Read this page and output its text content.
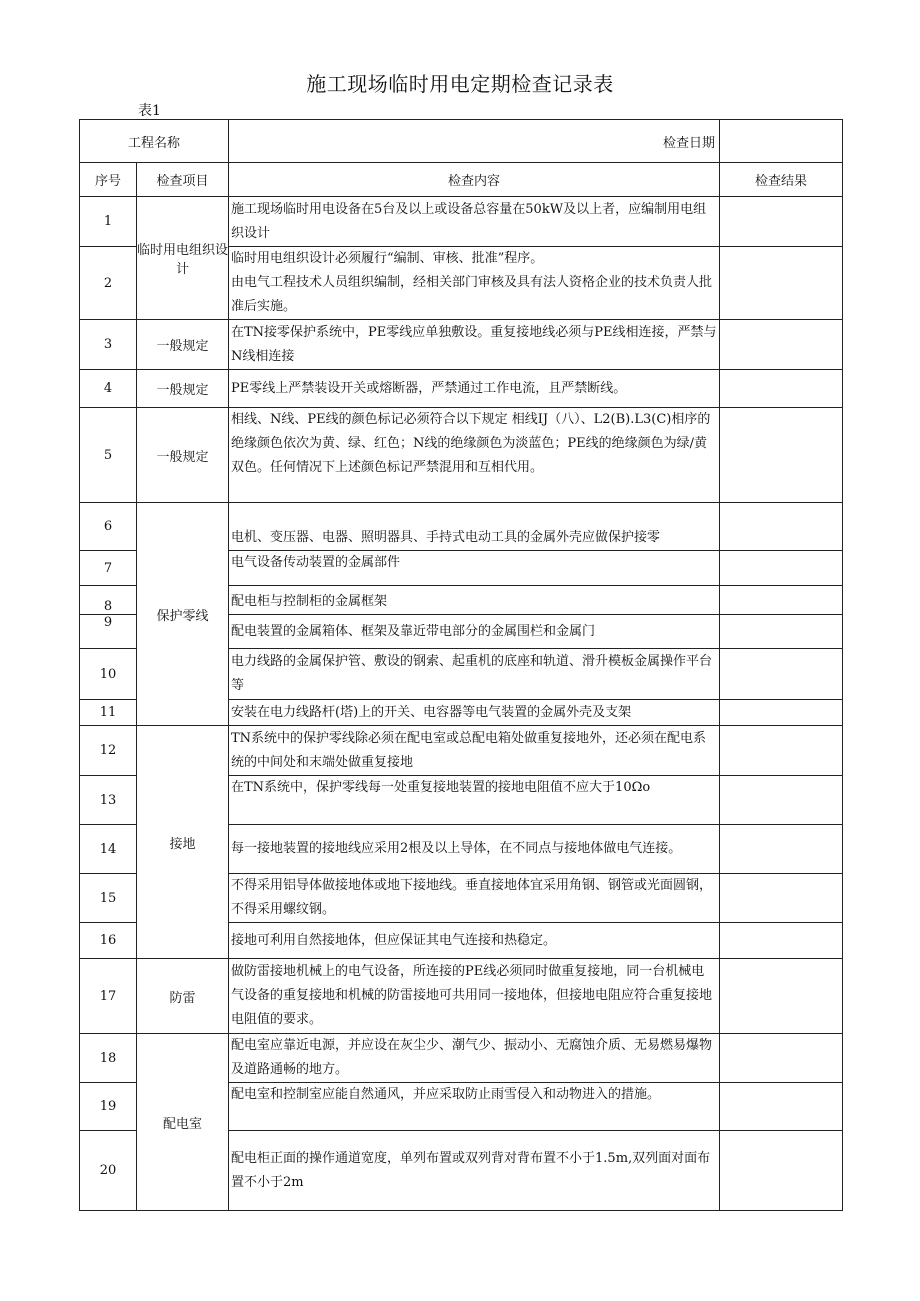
施工现场临时用电定期检查记录表
表1
工程名称		检查日期	
序号	检查项目	检查内容	检查结果
1	临时用电组织设计	施工现场临时用电设备在5台及以上或设备总容量在50kW及以上者，应编制用电组织设计	
2		临时用电组织设计必须履行“编制、审核、批准”程序。
由电气工程技术人员组织编制，经相关部门审核及具有法人资格企业的技术负责人批准后实施。	

3	一般规定	在TN接零保护系统中，PE零线应单独敷设。重复接地线必须与PE线相连接，严禁与N线相连接	
4	一般规定	PE零线上严禁装设开关或熔断器，严禁通过工作电流，且严禁断线。	
5	一般规定	相线、N线、PE线的颜色标记必须符合以下规定 相线IJ（八）、L2(B).L3(C)相序的绝缘颜色依次为黄、绿、红色；N线的绝缘颜色为淡蓝色；PE线的绝缘颜色为绿/黄双色。任何情况下上述颜色标记严禁混用和互相代用。	
6	保护零线	电机、变压器、电器、照明器具、手持式电动工具的金属外壳应做保护接零	
7		电气设备传动装置的金属部件	
8		配电柜与控制柜的金属框架	
9		配电装置的金属箱体、框架及靠近带电部分的金属围栏和金属门	
10		电力线路的金属保护管、敷设的钢索、起重机的底座和轨道、滑升模板金属操作平台等	
11		安装在电力线路杆(塔)上的开关、电容器等电气装置的金属外壳及支架	
12	接地	TN系统中的保护零线除必须在配电室或总配电箱处做重复接地外，还必须在配电系统的中间处和末端处做重复接地	
13		在TN系统中，保护零线每一处重复接地装置的接地电阻值不应大于10Ωo	
14		每一接地装置的接地线应采用2根及以上导体，在不同点与接地体做电气连接。	
15		不得采用铝导体做接地体或地下接地线。垂直接地体宜采用角钢、钢管或光面圆钢，不得采用螺纹钢。	
16		接地可利用自然接地体，但应保证其电气连接和热稳定。	
17	防雷	做防雷接地机械上的电气设备，所连接的PE线必须同时做重复接地，同一台机械电气设备的重复接地和机械的防雷接地可共用同一接地体，但接地电阻应符合重复接地电阻值的要求。	
18	配电室	配电室应靠近电源，并应设在灰尘少、潮气少、振动小、无腐蚀介质、无易燃易爆物及道路通畅的地方。	
19		配电室和控制室应能自然通风，并应采取防止雨雪侵入和动物进入的措施。	
20		配电柜正面的操作通道宽度，单列布置或双列背对背布置不小于1.5m,双列面对面布置不小于2m	
